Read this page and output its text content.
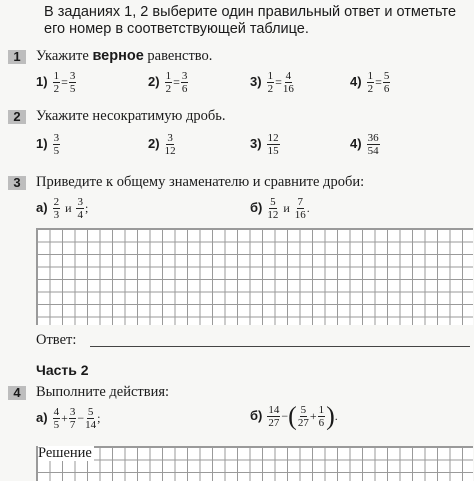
В заданиях 1, 2 выберите один правильный ответ и отметьте его номер в соответствующей таблице.
1	Укажите верное равенство.
$1) \frac{1}{2} = \frac{3}{5}$	$2) \frac{1}{2} = \frac{3}{6}$	$3) \frac{1}{2} = \frac{4}{16}$	$4) \frac{1}{2} = \frac{5}{6}$
2	Укажите несократимую дробь.
$1) \frac{3}{5}$	$2) \frac{3}{12}$	$3) \frac{12}{15}$	$4) \frac{36}{54}$
3	Приведите к общему знаменателю и сравните дроби:
$а) \frac{2}{3}$ и $\frac{3}{4}$ ;	$б) \frac{5}{12}$ и $\frac{7}{16}$ .
Ответ:
Часть 2
4	Выполните действия:
$а) \frac{4}{5} + \frac{3}{7} - \frac{5}{14}$ ;	$б) \frac{14}{27}$ −( $\frac{5}{27} + \frac{1}{6}$ ).
Решение
